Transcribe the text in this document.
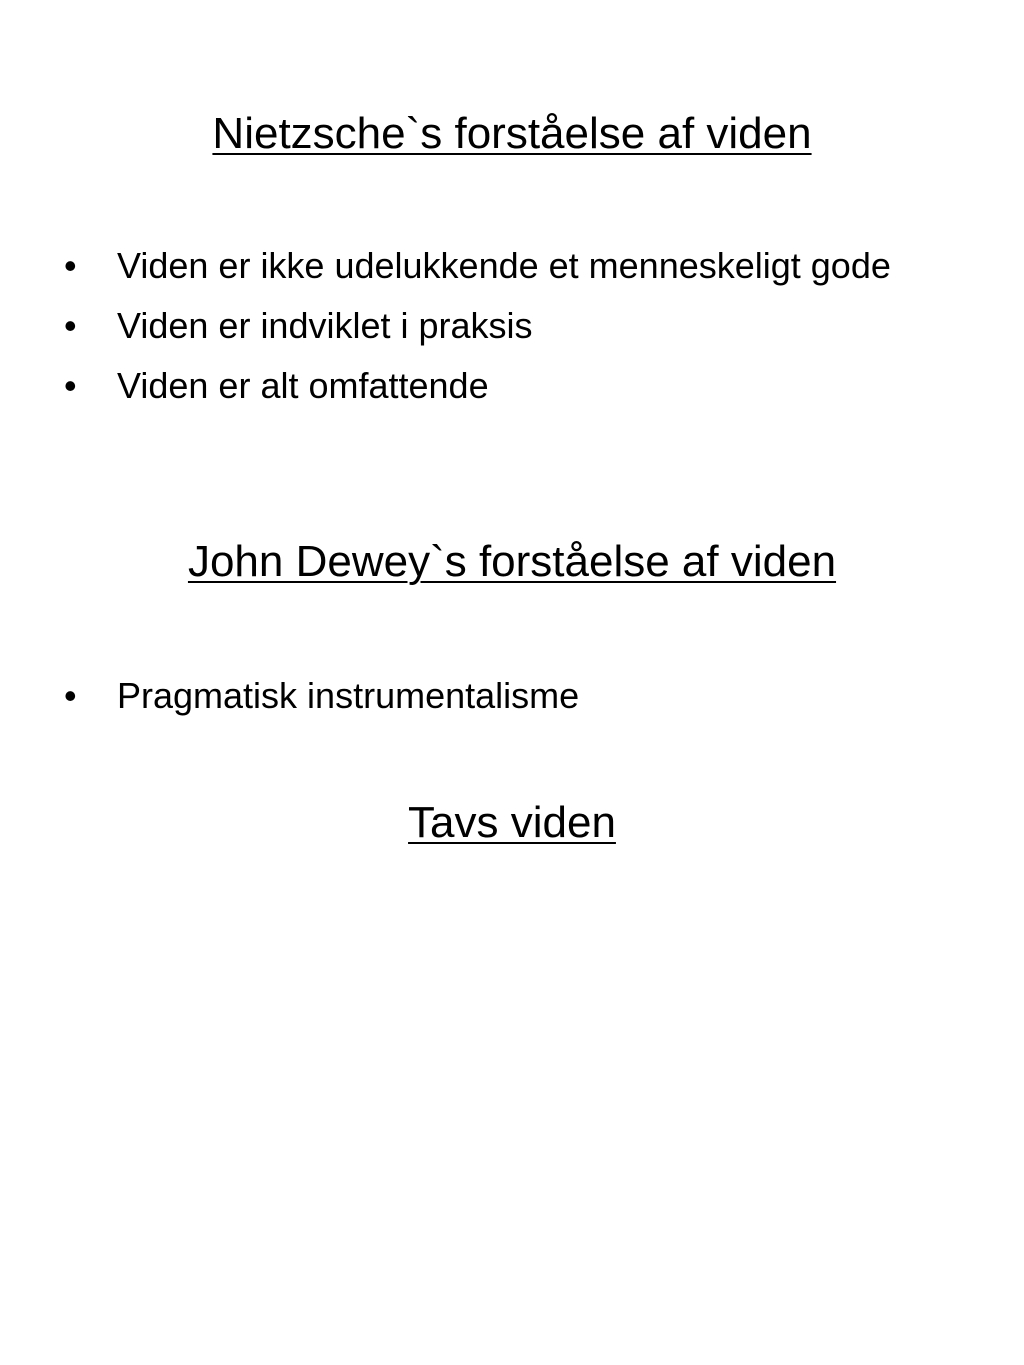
Nietzsche`s forståelse af viden
• Viden er ikke udelukkende et menneskeligt gode
• Viden er indviklet i praksis
• Viden er alt omfattende
John Dewey`s forståelse af viden
• Pragmatisk instrumentalisme
Tavs viden
